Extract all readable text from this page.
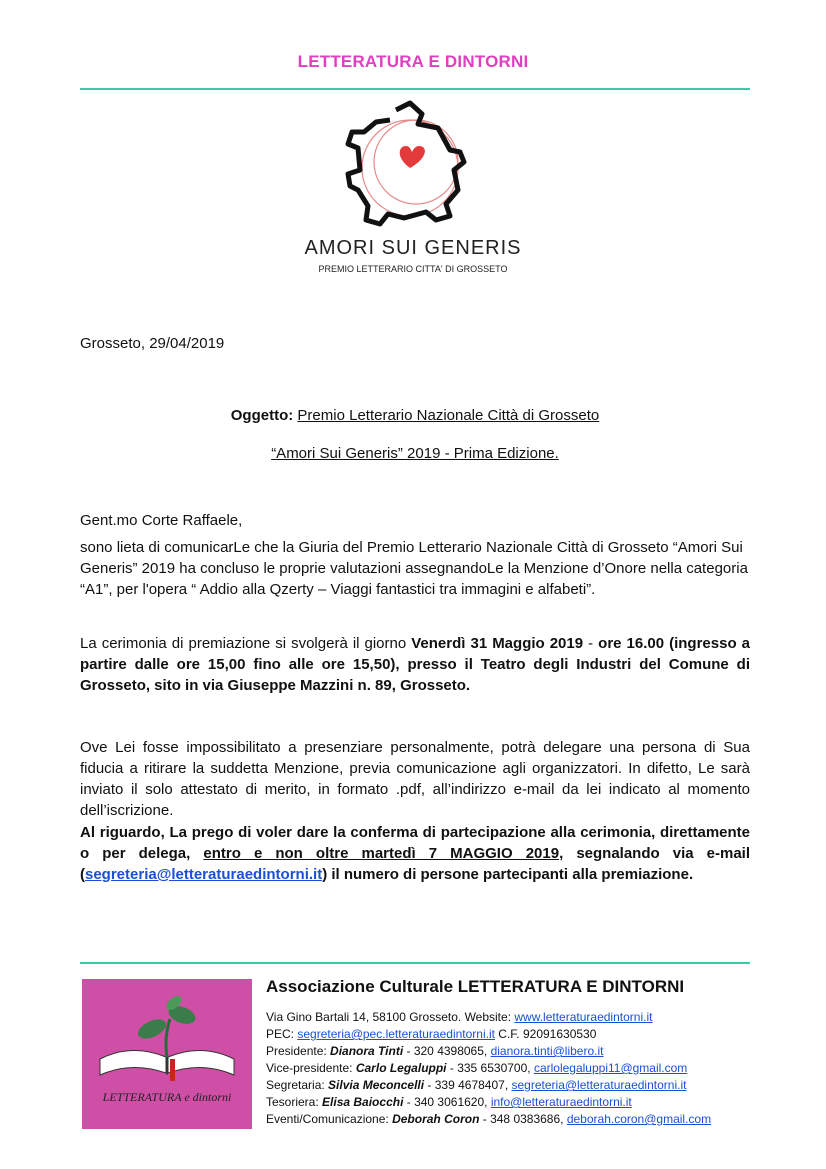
LETTERATURA E DINTORNI
AMORI SUI GENERIS
PREMIO LETTERARIO CITTA' DI GROSSETO
Grosseto, 29/04/2019
Oggetto: Premio Letterario Nazionale Città di Grosseto
“Amori Sui Generis” 2019 - Prima Edizione.
Gent.mo Corte Raffaele,
sono lieta di comunicarLe che la Giuria del Premio Letterario Nazionale Città di Grosseto “Amori Sui Generis” 2019 ha concluso le proprie valutazioni assegnandoLe la Menzione d’Onore nella categoria “A1”, per l'opera “ Addio alla Qzerty – Viaggi fantastici tra immagini e alfabeti”.
La cerimonia di premiazione si svolgerà il giorno Venerdì 31 Maggio 2019 - ore 16.00 (ingresso a partire dalle ore 15,00 fino alle ore 15,50), presso il Teatro degli Industri del Comune di Grosseto, sito in via Giuseppe Mazzini n. 89, Grosseto.
Ove Lei fosse impossibilitato a presenziare personalmente, potrà delegare una persona di Sua fiducia a ritirare la suddetta Menzione, previa comunicazione agli organizzatori. In difetto, Le sarà inviato il solo attestato di merito, in formato .pdf, all’indirizzo e-mail da lei indicato al momento dell’iscrizione.
Al riguardo, La prego di voler dare la conferma di partecipazione alla cerimonia, direttamente o per delega, entro e non oltre martedì 7 MAGGIO 2019, segnalando via e-mail (segreteria@letteraturaedintorni.it) il numero di persone partecipanti alla premiazione.
LETTERATURA e dintorni
Associazione Culturale LETTERATURA E DINTORNI
Via Gino Bartali 14, 58100 Grosseto. Website: www.letteraturaedintorni.it
PEC: segreteria@pec.letteraturaedintorni.it C.F. 92091630530
Presidente: Dianora Tinti - 320 4398065, dianora.tinti@libero.it
Vice-presidente: Carlo Legaluppi - 335 6530700, carlolegaluppi11@gmail.com
Segretaria: Silvia Meconcelli - 339 4678407, segreteria@letteraturaedintorni.it
Tesoriera: Elisa Baiocchi - 340 3061620, info@letteraturaedintorni.it
Eventi/Comunicazione: Deborah Coron - 348 0383686, deborah.coron@gmail.com
